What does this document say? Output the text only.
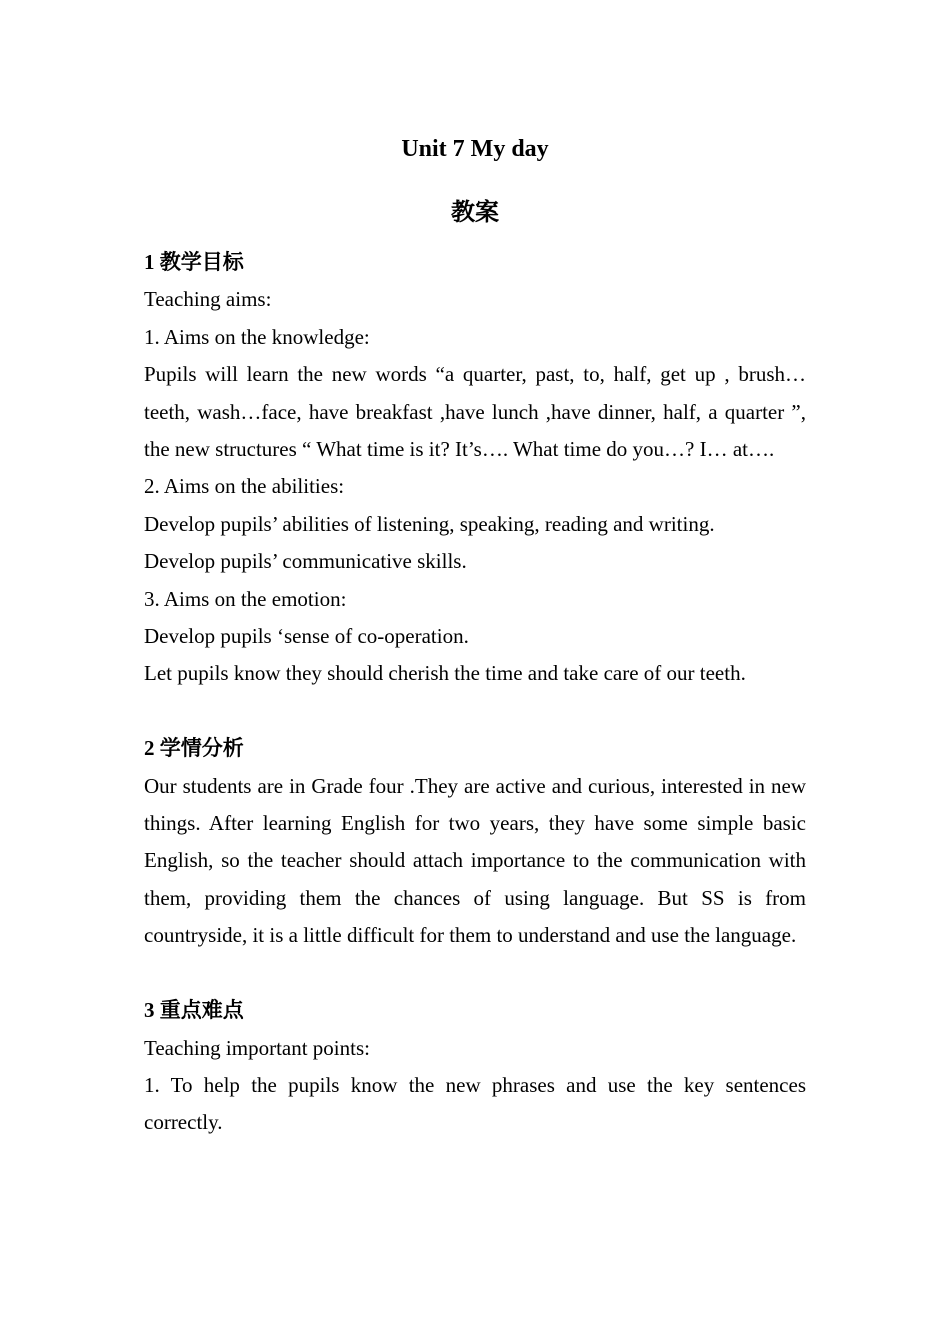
Unit 7 My day

教案

1 教学目标

Teaching aims:

1. Aims on the knowledge:

Pupils will learn the new words “a quarter, past, to, half, get up , brush… teeth, wash…face, have breakfast ,have lunch ,have dinner, half, a quarter ”, the new structures “ What time is it? It’s…. What time do you…? I… at….

2. Aims on the abilities:

Develop pupils’ abilities of listening, speaking, reading and writing.

Develop pupils’ communicative skills.

3. Aims on the emotion:

Develop pupils ‘sense of co-operation.

Let pupils know they should cherish the time and take care of our teeth.

2 学情分析

Our students are in Grade four .They are active and curious, interested in new things. After learning English for two years, they have some simple basic English, so the teacher should attach importance to the communication with them, providing them the chances of using language. But SS is from countryside, it is a little difficult for them to understand and use the language.

3 重点难点

Teaching important points:

1. To help the pupils know the new phrases and use the key sentences correctly.
